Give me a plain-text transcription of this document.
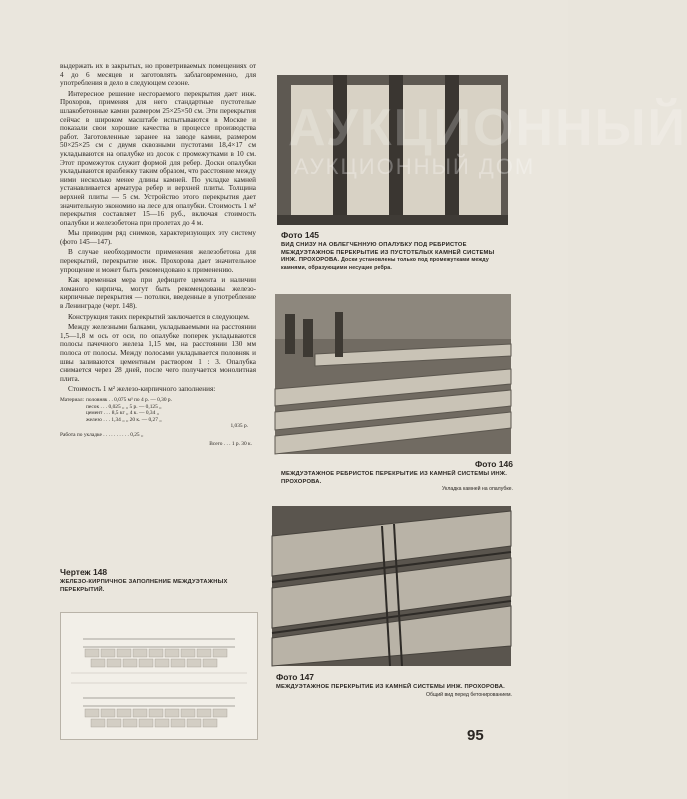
выдержать их в закрытых, но проветриваемых помещениях от 4 до 6 месяцев и заготовлять заблаговременно, для употребления в дело в следующем сезоне.

Интересное решение несгораемого перекрытия дает инж. Прохоров, применяя для него стандартные пустотелые шлакобетонные камни размером 25×25×50 см. Эти перекрытия сейчас в широком масштабе испытываются в Москве и показали свои хорошие качества в процессе производства работ. Заготовленные заранее на заводе камни, размером 50×25×25 см с двумя сквозными пустотами 18,4×17 см укладываются на опалубке из досок с промежутками в 10 см. Этот промежуток служит формой для ребер. Доски опалубки укладываются вразбежку таким образом, что расстояние между ними несколько менее длины камней. По укладке камней устанавливается арматура ребер и верхней плиты. Толщина верхней плиты — 5 см. Устройство этого перекрытия дает значительную экономию на лесе для опалубки. Стоимость 1 м² перекрытия составляет 15—16 руб., включая стоимость опалубки и железобетона при пролетах до 4 м.

Мы приводим ряд снимков, характеризующих эту систему (фото 145—147).

В случае необходимости применения железобетона для перекрытий, перекрытие инж. Прохорова дает значительное упрощение и может быть рекомендовано к применению.

Как временная мера при дефиците цемента и наличии ломаного кирпича, могут быть рекомендованы железо-кирпичные перекрытия — потолки, введенные в употребление в Ленинграде (черт. 148).

Конструкция таких перекрытий заключается в следующем.

Между железными балками, укладываемыми на расстоянии 1,5—1,8 м ось от оси, по опалубке поперек укладываются полосы пачечного железа 1,15 мм, на расстоянии 130 мм полоса от полосы. Между полосами укладывается половняк и швы заливаются цементным раствором 1 : 3. Опалубка снимается через 28 дней, после чего получается монолитная плита.

Стоимость 1 м² железо-кирпичного заполнения:

Материал: половняк . . 0,075 м³ по 4 р. — 0,30 р.
песок . . . 0,025 „ „ 5 р. — 0,125 „
цемент . . . 8,5 кг „ 4 к. — 0,34 „
железо . . . 1,34 „ „ 20 к. — 0,27 „
1,035 р.
Работа по укладке . . . . . . . . . . 0,25 „
Всего . . . 1 р. 30 к.
Чертеж 148
ЖЕЛЕЗО-КИРПИЧНОЕ ЗАПОЛНЕНИЕ МЕЖДУЭТАЖНЫХ ПЕРЕКРЫТИЙ.
АУКЦИОННЫЙ
АУКЦИОННЫЙ ДОМ
Фото 145
ВИД СНИЗУ НА ОБЛЕГЧЕННУЮ ОПАЛУБКУ ПОД РЕБРИСТОЕ МЕЖДУЭТАЖНОЕ ПЕРЕКРЫТИЕ ИЗ ПУСТОТЕЛЫХ КАМНЕЙ СИСТЕМЫ ИНЖ. ПРОХОРОВА. Доски установлены только под промежутками между камнями, образующими несущие ребра.
Фото 146
МЕЖДУЭТАЖНОЕ РЕБРИСТОЕ ПЕРЕКРЫТИЕ ИЗ КАМНЕЙ СИСТЕМЫ ИНЖ. ПРОХОРОВА.
Укладка камней на опалубке.
Фото 147
МЕЖДУЭТАЖНОЕ ПЕРЕКРЫТИЕ ИЗ КАМНЕЙ СИСТЕМЫ ИНЖ. ПРОХОРОВА.
Общий вид перед бетонированием.
95
